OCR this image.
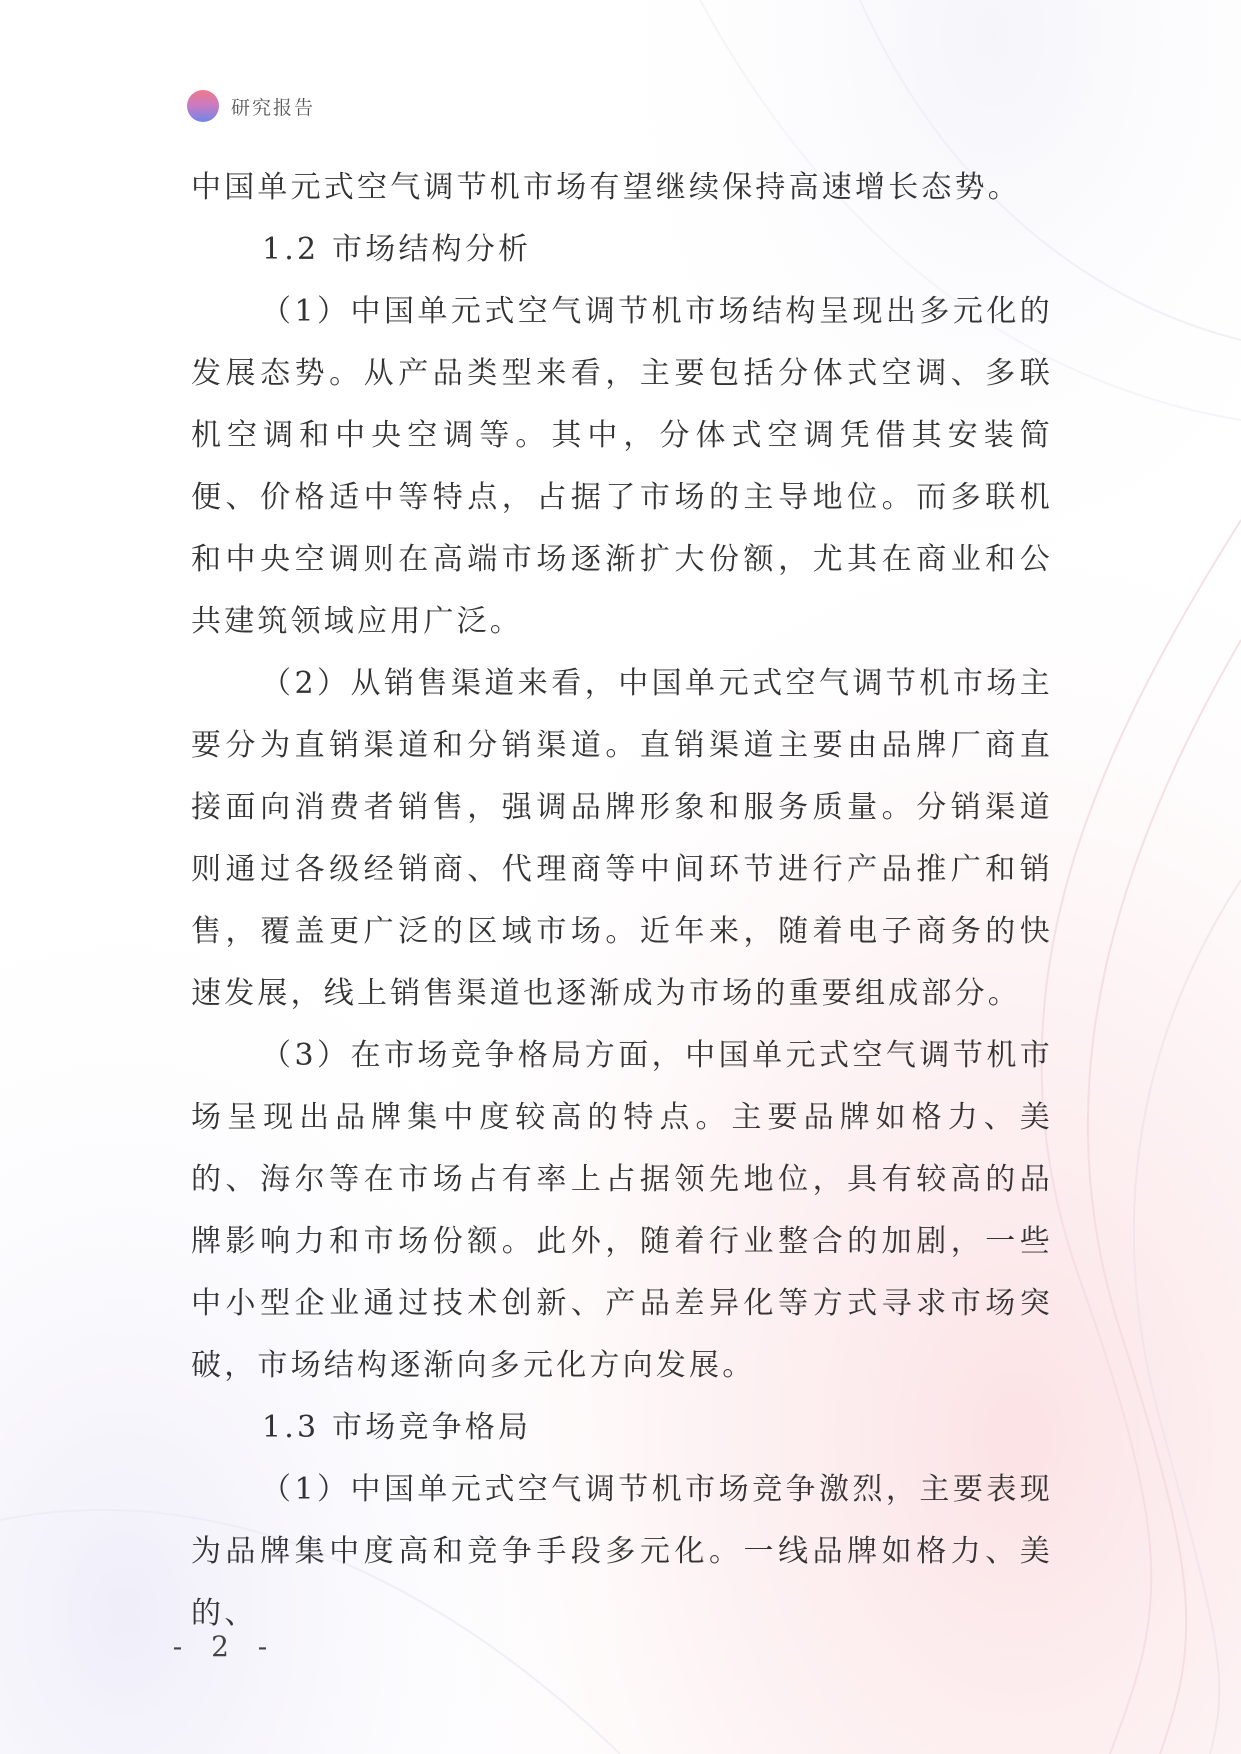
研究报告

中国单元式空气调节机市场有望继续保持高速增长态势。

1.2 市场结构分析

（1）中国单元式空气调节机市场结构呈现出多元化的发展态势。从产品类型来看，主要包括分体式空调、多联机空调和中央空调等。其中，分体式空调凭借其安装简便、价格适中等特点，占据了市场的主导地位。而多联机和中央空调则在高端市场逐渐扩大份额，尤其在商业和公共建筑领域应用广泛。

（2）从销售渠道来看，中国单元式空气调节机市场主要分为直销渠道和分销渠道。直销渠道主要由品牌厂商直接面向消费者销售，强调品牌形象和服务质量。分销渠道则通过各级经销商、代理商等中间环节进行产品推广和销售，覆盖更广泛的区域市场。近年来，随着电子商务的快速发展，线上销售渠道也逐渐成为市场的重要组成部分。

（3）在市场竞争格局方面，中国单元式空气调节机市场呈现出品牌集中度较高的特点。主要品牌如格力、美的、海尔等在市场占有率上占据领先地位，具有较高的品牌影响力和市场份额。此外，随着行业整合的加剧，一些中小型企业通过技术创新、产品差异化等方式寻求市场突破，市场结构逐渐向多元化方向发展。

1.3 市场竞争格局

（1）中国单元式空气调节机市场竞争激烈，主要表现为品牌集中度高和竞争手段多元化。一线品牌如格力、美的、

- 2 -
